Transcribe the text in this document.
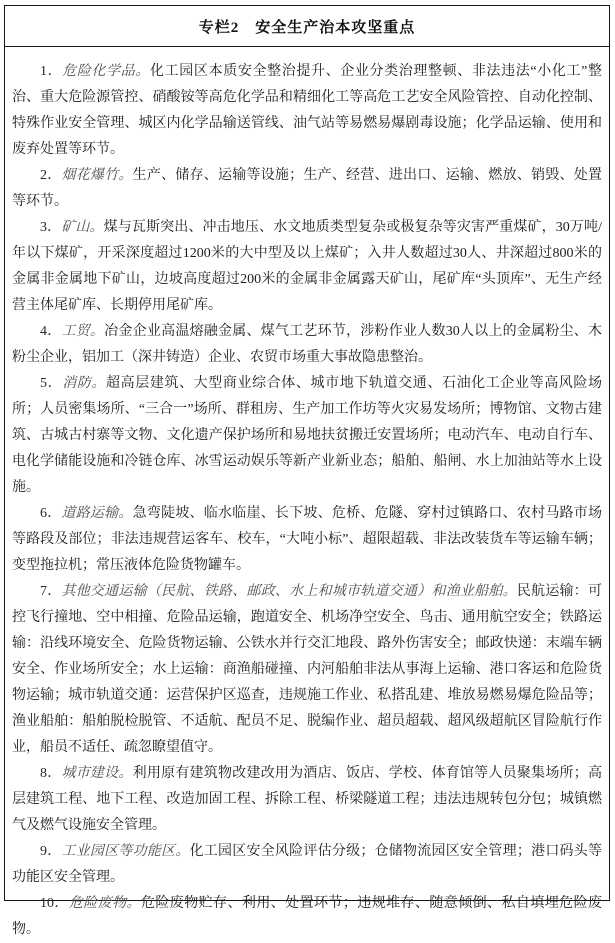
专栏2　安全生产治本攻坚重点

1．危险化学品。化工园区本质安全整治提升、企业分类治理整顿、非法违法“小化工”整治、重大危险源管控、硝酸铵等高危化学品和精细化工等高危工艺安全风险管控、自动化控制、特殊作业安全管理、城区内化学品输送管线、油气站等易燃易爆剧毒设施；化学品运输、使用和废弃处置等环节。

2．烟花爆竹。生产、储存、运输等设施；生产、经营、进出口、运输、燃放、销毁、处置等环节。

3．矿山。煤与瓦斯突出、冲击地压、水文地质类型复杂或极复杂等灾害严重煤矿，30万吨/年以下煤矿，开采深度超过1200米的大中型及以上煤矿；入井人数超过30人、井深超过800米的金属非金属地下矿山，边坡高度超过200米的金属非金属露天矿山，尾矿库“头顶库”、无生产经营主体尾矿库、长期停用尾矿库。

4．工贸。冶金企业高温熔融金属、煤气工艺环节，涉粉作业人数30人以上的金属粉尘、木粉尘企业，铝加工（深井铸造）企业、农贸市场重大事故隐患整治。

5．消防。超高层建筑、大型商业综合体、城市地下轨道交通、石油化工企业等高风险场所；人员密集场所、“三合一”场所、群租房、生产加工作坊等火灾易发场所；博物馆、文物古建筑、古城古村寨等文物、文化遗产保护场所和易地扶贫搬迁安置场所；电动汽车、电动自行车、电化学储能设施和冷链仓库、冰雪运动娱乐等新产业新业态；船舶、船闸、水上加油站等水上设施。

6．道路运输。急弯陡坡、临水临崖、长下坡、危桥、危隧、穿村过镇路口、农村马路市场等路段及部位；非法违规营运客车、校车，“大吨小标”、超限超载、非法改装货车等运输车辆；变型拖拉机；常压液体危险货物罐车。

7．其他交通运输（民航、铁路、邮政、水上和城市轨道交通）和渔业船舶。民航运输：可控飞行撞地、空中相撞、危险品运输，跑道安全、机场净空安全、鸟击、通用航空安全；铁路运输：沿线环境安全、危险货物运输、公铁水并行交汇地段、路外伤害安全；邮政快递：末端车辆安全、作业场所安全；水上运输：商渔船碰撞、内河船舶非法从事海上运输、港口客运和危险货物运输；城市轨道交通：运营保护区巡查，违规施工作业、私搭乱建、堆放易燃易爆危险品等；渔业船舶：船舶脱检脱管、不适航、配员不足、脱编作业、超员超载、超风级超航区冒险航行作业，船员不适任、疏忽瞭望值守。

8．城市建设。利用原有建筑物改建改用为酒店、饭店、学校、体育馆等人员聚集场所；高层建筑工程、地下工程、改造加固工程、拆除工程、桥梁隧道工程；违法违规转包分包；城镇燃气及燃气设施安全管理。

9．工业园区等功能区。化工园区安全风险评估分级；仓储物流园区安全管理；港口码头等功能区安全管理。

10．危险废物。危险废物贮存、利用、处置环节；违规堆存、随意倾倒、私自填埋危险废物。
